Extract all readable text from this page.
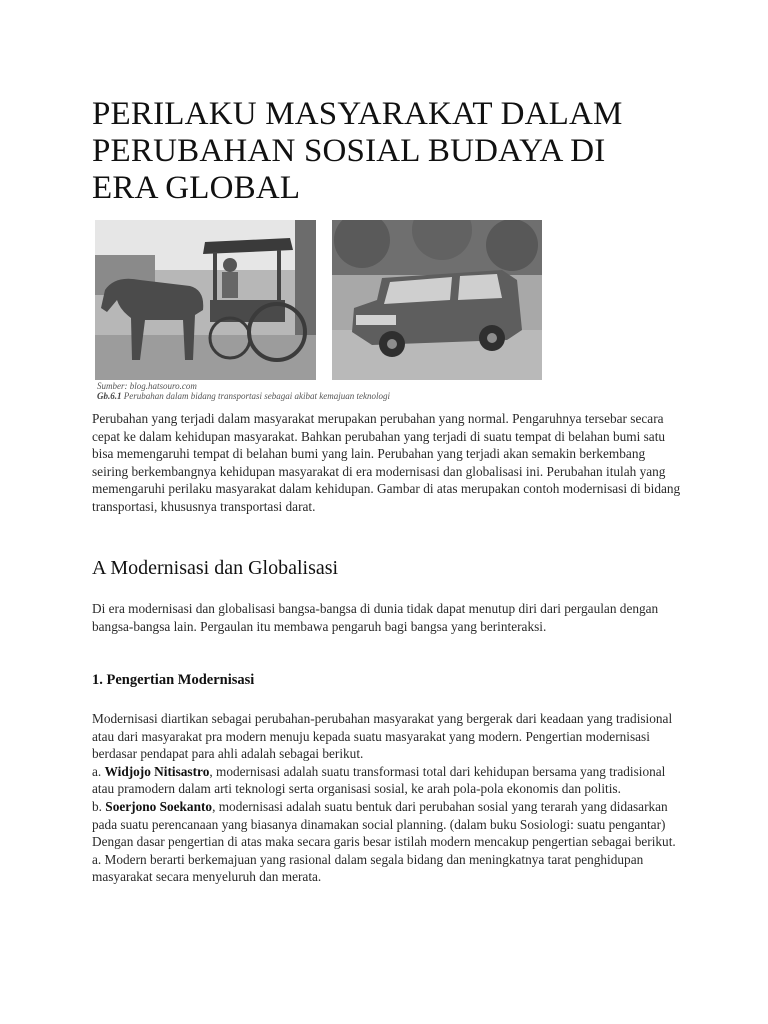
PERILAKU MASYARAKAT DALAM PERUBAHAN SOSIAL BUDAYA DI ERA GLOBAL
Sumber: blog.hatsouro.com
Gb.6.1 Perubahan dalam bidang transportasi sebagai akibat kemajuan teknologi

Perubahan yang terjadi dalam masyarakat merupakan perubahan yang normal. Pengaruhnya tersebar secara cepat ke dalam kehidupan masyarakat. Bahkan perubahan yang terjadi di suatu tempat di belahan bumi satu bisa memengaruhi tempat di belahan bumi yang lain. Perubahan yang terjadi akan semakin berkembang seiring berkembangnya kehidupan masyarakat di era modernisasi dan globalisasi ini. Perubahan itulah yang memengaruhi perilaku masyarakat dalam kehidupan. Gambar di atas merupakan contoh modernisasi di bidang transportasi, khususnya transportasi darat.

A Modernisasi dan Globalisasi

Di era modernisasi dan globalisasi bangsa-bangsa di dunia tidak dapat menutup diri dari pergaulan dengan bangsa-bangsa lain. Pergaulan itu membawa pengaruh bagi bangsa yang berinteraksi.

1. Pengertian Modernisasi

Modernisasi diartikan sebagai perubahan-perubahan masyarakat yang bergerak dari keadaan yang tradisional atau dari masyarakat pra modern menuju kepada suatu masyarakat yang modern. Pengertian modernisasi berdasar pendapat para ahli adalah sebagai berikut.

a. Widjojo Nitisastro, modernisasi adalah suatu transformasi total dari kehidupan bersama yang tradisional atau pramodern dalam arti teknologi serta organisasi sosial, ke arah pola-pola ekonomis dan politis.

b. Soerjono Soekanto, modernisasi adalah suatu bentuk dari perubahan sosial yang terarah yang didasarkan pada suatu perencanaan yang biasanya dinamakan social planning. (dalam buku Sosiologi: suatu pengantar) Dengan dasar pengertian di atas maka secara garis besar istilah modern mencakup pengertian sebagai berikut.

a. Modern berarti berkemajuan yang rasional dalam segala bidang dan meningkatnya tarat penghidupan masyarakat secara menyeluruh dan merata.
